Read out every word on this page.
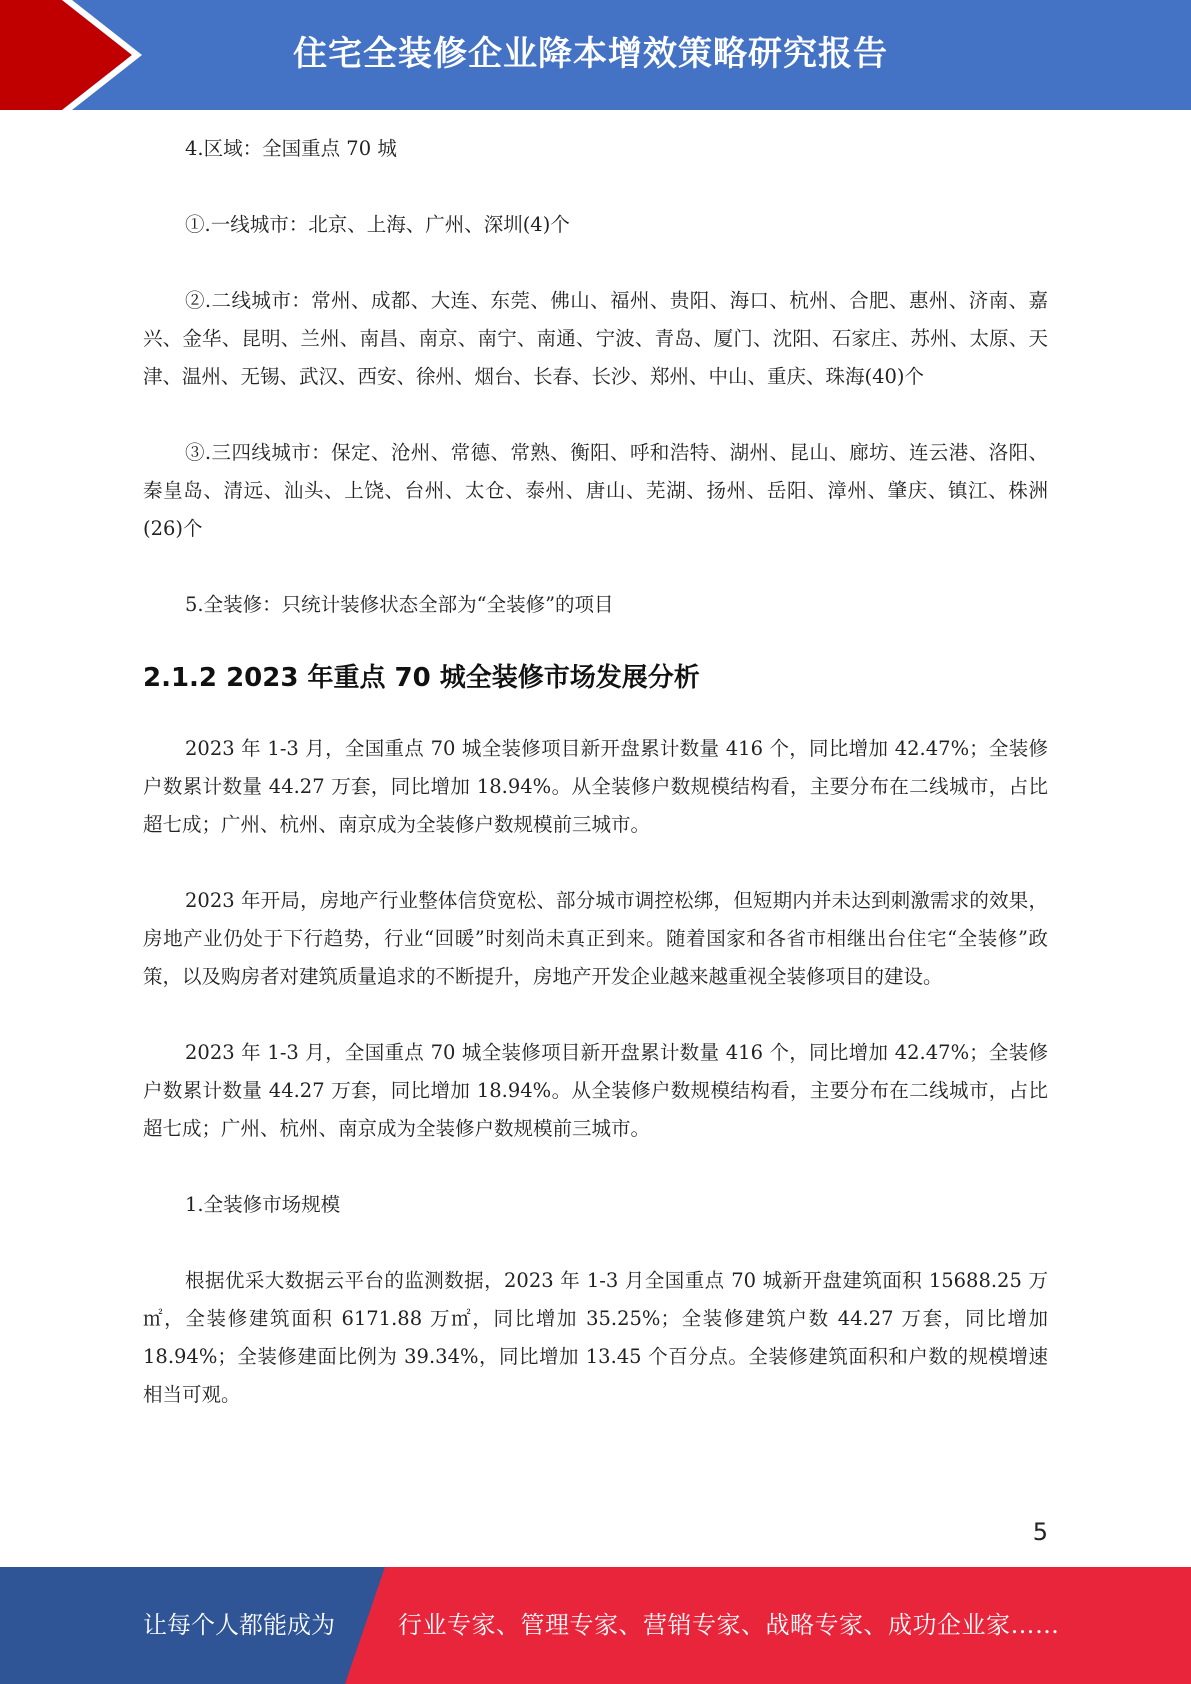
住宅全装修企业降本增效策略研究报告
4.区域：全国重点 70 城
①.一线城市：北京、上海、广州、深圳(4)个
②.二线城市：常州、成都、大连、东莞、佛山、福州、贵阳、海口、杭州、合肥、惠州、济南、嘉兴、金华、昆明、兰州、南昌、南京、南宁、南通、宁波、青岛、厦门、沈阳、石家庄、苏州、太原、天津、温州、无锡、武汉、西安、徐州、烟台、长春、长沙、郑州、中山、重庆、珠海(40)个
③.三四线城市：保定、沧州、常德、常熟、衡阳、呼和浩特、湖州、昆山、廊坊、连云港、洛阳、秦皇岛、清远、汕头、上饶、台州、太仓、泰州、唐山、芜湖、扬州、岳阳、漳州、肇庆、镇江、株洲(26)个
5.全装修：只统计装修状态全部为“全装修”的项目
2.1.2 2023 年重点 70 城全装修市场发展分析
2023 年 1-3 月，全国重点 70 城全装修项目新开盘累计数量 416 个，同比增加 42.47%；全装修户数累计数量 44.27 万套，同比增加 18.94%。从全装修户数规模结构看，主要分布在二线城市，占比超七成；广州、杭州、南京成为全装修户数规模前三城市。
2023 年开局，房地产行业整体信贷宽松、部分城市调控松绑，但短期内并未达到刺激需求的效果，房地产业仍处于下行趋势，行业“回暖”时刻尚未真正到来。随着国家和各省市相继出台住宅“全装修”政策，以及购房者对建筑质量追求的不断提升，房地产开发企业越来越重视全装修项目的建设。
2023 年 1-3 月，全国重点 70 城全装修项目新开盘累计数量 416 个，同比增加 42.47%；全装修户数累计数量 44.27 万套，同比增加 18.94%。从全装修户数规模结构看，主要分布在二线城市，占比超七成；广州、杭州、南京成为全装修户数规模前三城市。
1.全装修市场规模
根据优采大数据云平台的监测数据，2023 年 1-3 月全国重点 70 城新开盘建筑面积 15688.25 万㎡，全装修建筑面积 6171.88 万㎡，同比增加 35.25%；全装修建筑户数 44.27 万套，同比增加 18.94%；全装修建面比例为 39.34%，同比增加 13.45 个百分点。全装修建筑面积和户数的规模增速相当可观。
5
让每个人都能成为	行业专家、管理专家、营销专家、战略专家、成功企业家……
